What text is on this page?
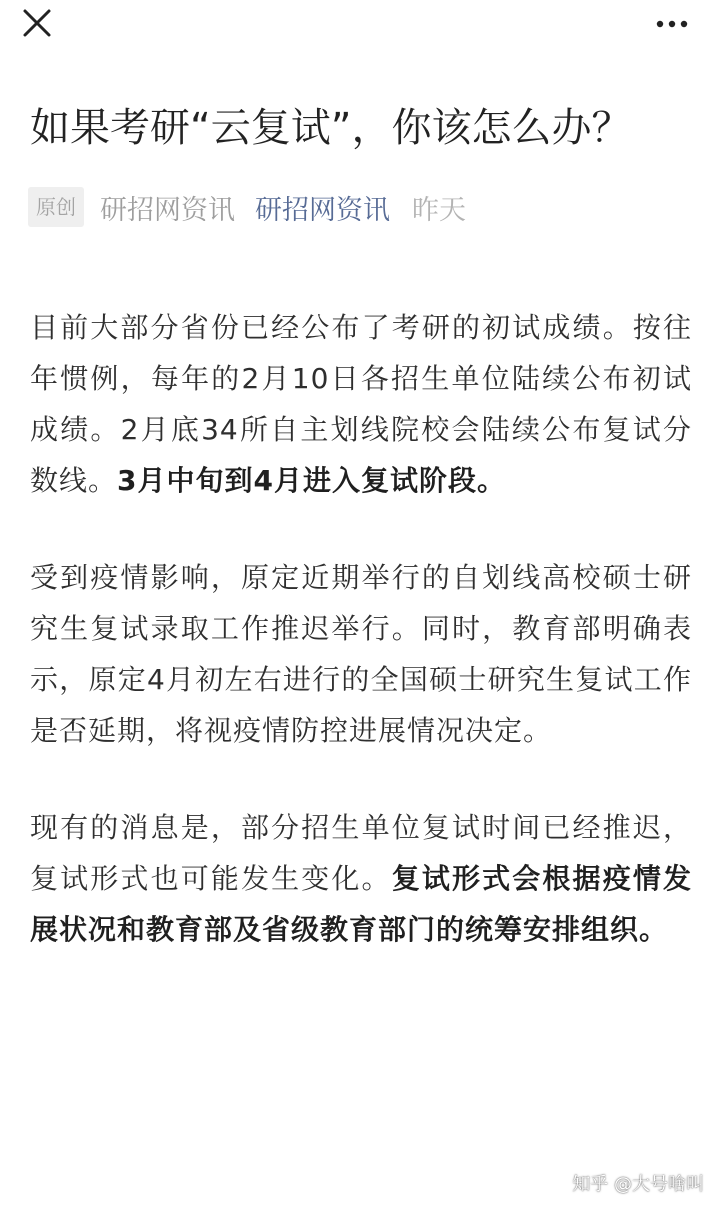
如果考研“云复试”，你该怎么办？
原创 研招网资讯 研招网资讯 昨天

目前大部分省份已经公布了考研的初试成绩。按往年惯例，每年的2月10日各招生单位陆续公布初试成绩。2月底34所自主划线院校会陆续公布复试分数线。3月中旬到4月进入复试阶段。

受到疫情影响，原定近期举行的自划线高校硕士研究生复试录取工作推迟举行。同时，教育部明确表示，原定4月初左右进行的全国硕士研究生复试工作是否延期，将视疫情防控进展情况决定。

现有的消息是，部分招生单位复试时间已经推迟，复试形式也可能发生变化。复试形式会根据疫情发展状况和教育部及省级教育部门的统筹安排组织。

知乎 @大号啥叫
